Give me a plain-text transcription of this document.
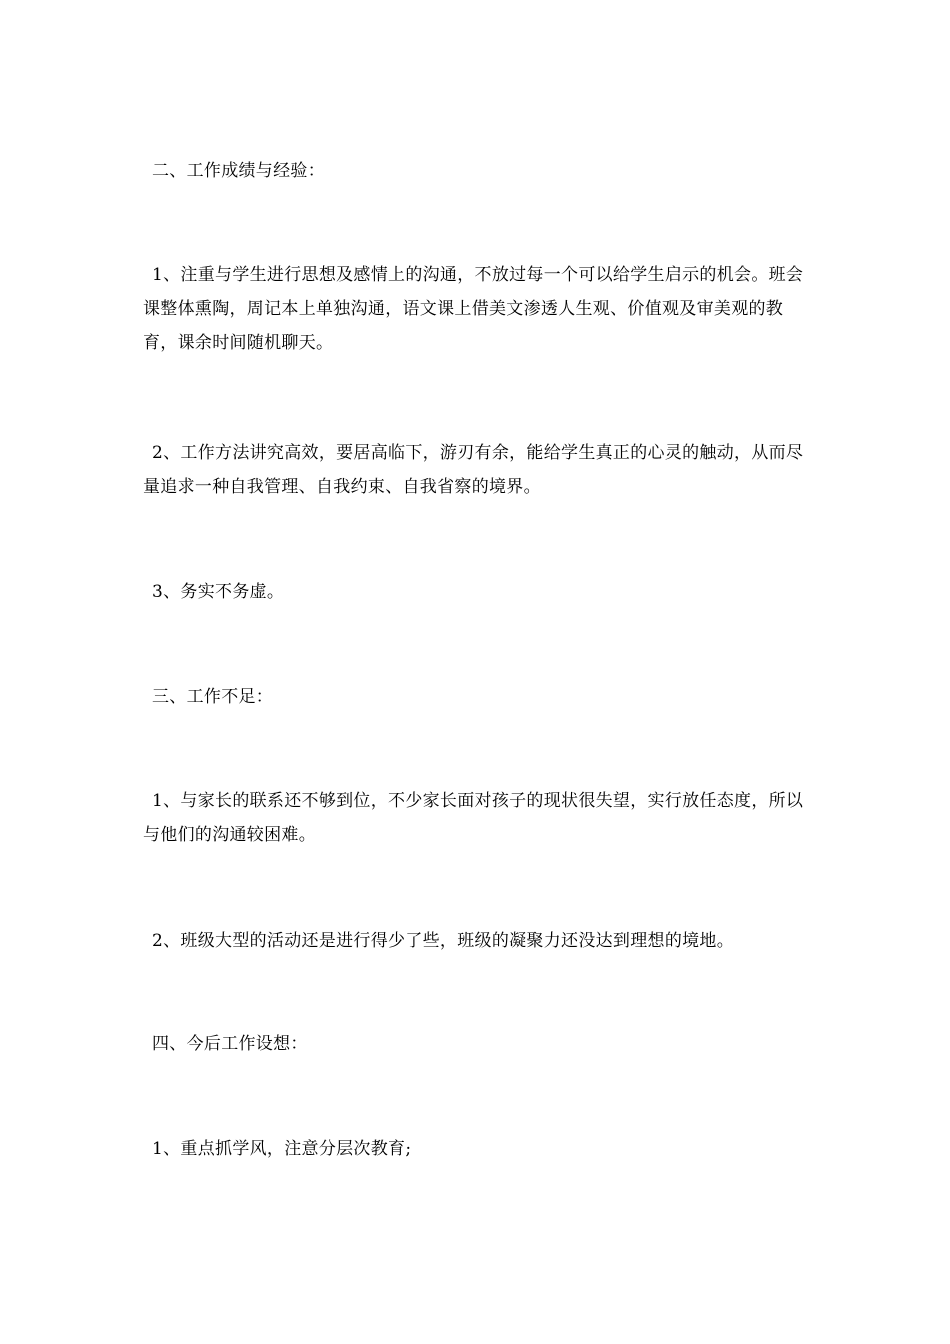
二、工作成绩与经验：

1、注重与学生进行思想及感情上的沟通，不放过每一个可以给学生启示的机会。班会课整体熏陶，周记本上单独沟通，语文课上借美文渗透人生观、价值观及审美观的教育，课余时间随机聊天。

2、工作方法讲究高效，要居高临下，游刃有余，能给学生真正的心灵的触动，从而尽量追求一种自我管理、自我约束、自我省察的境界。

3、务实不务虚。

三、工作不足：

1、与家长的联系还不够到位，不少家长面对孩子的现状很失望，实行放任态度，所以与他们的沟通较困难。

2、班级大型的活动还是进行得少了些，班级的凝聚力还没达到理想的境地。

四、今后工作设想：

1、重点抓学风，注意分层次教育;
